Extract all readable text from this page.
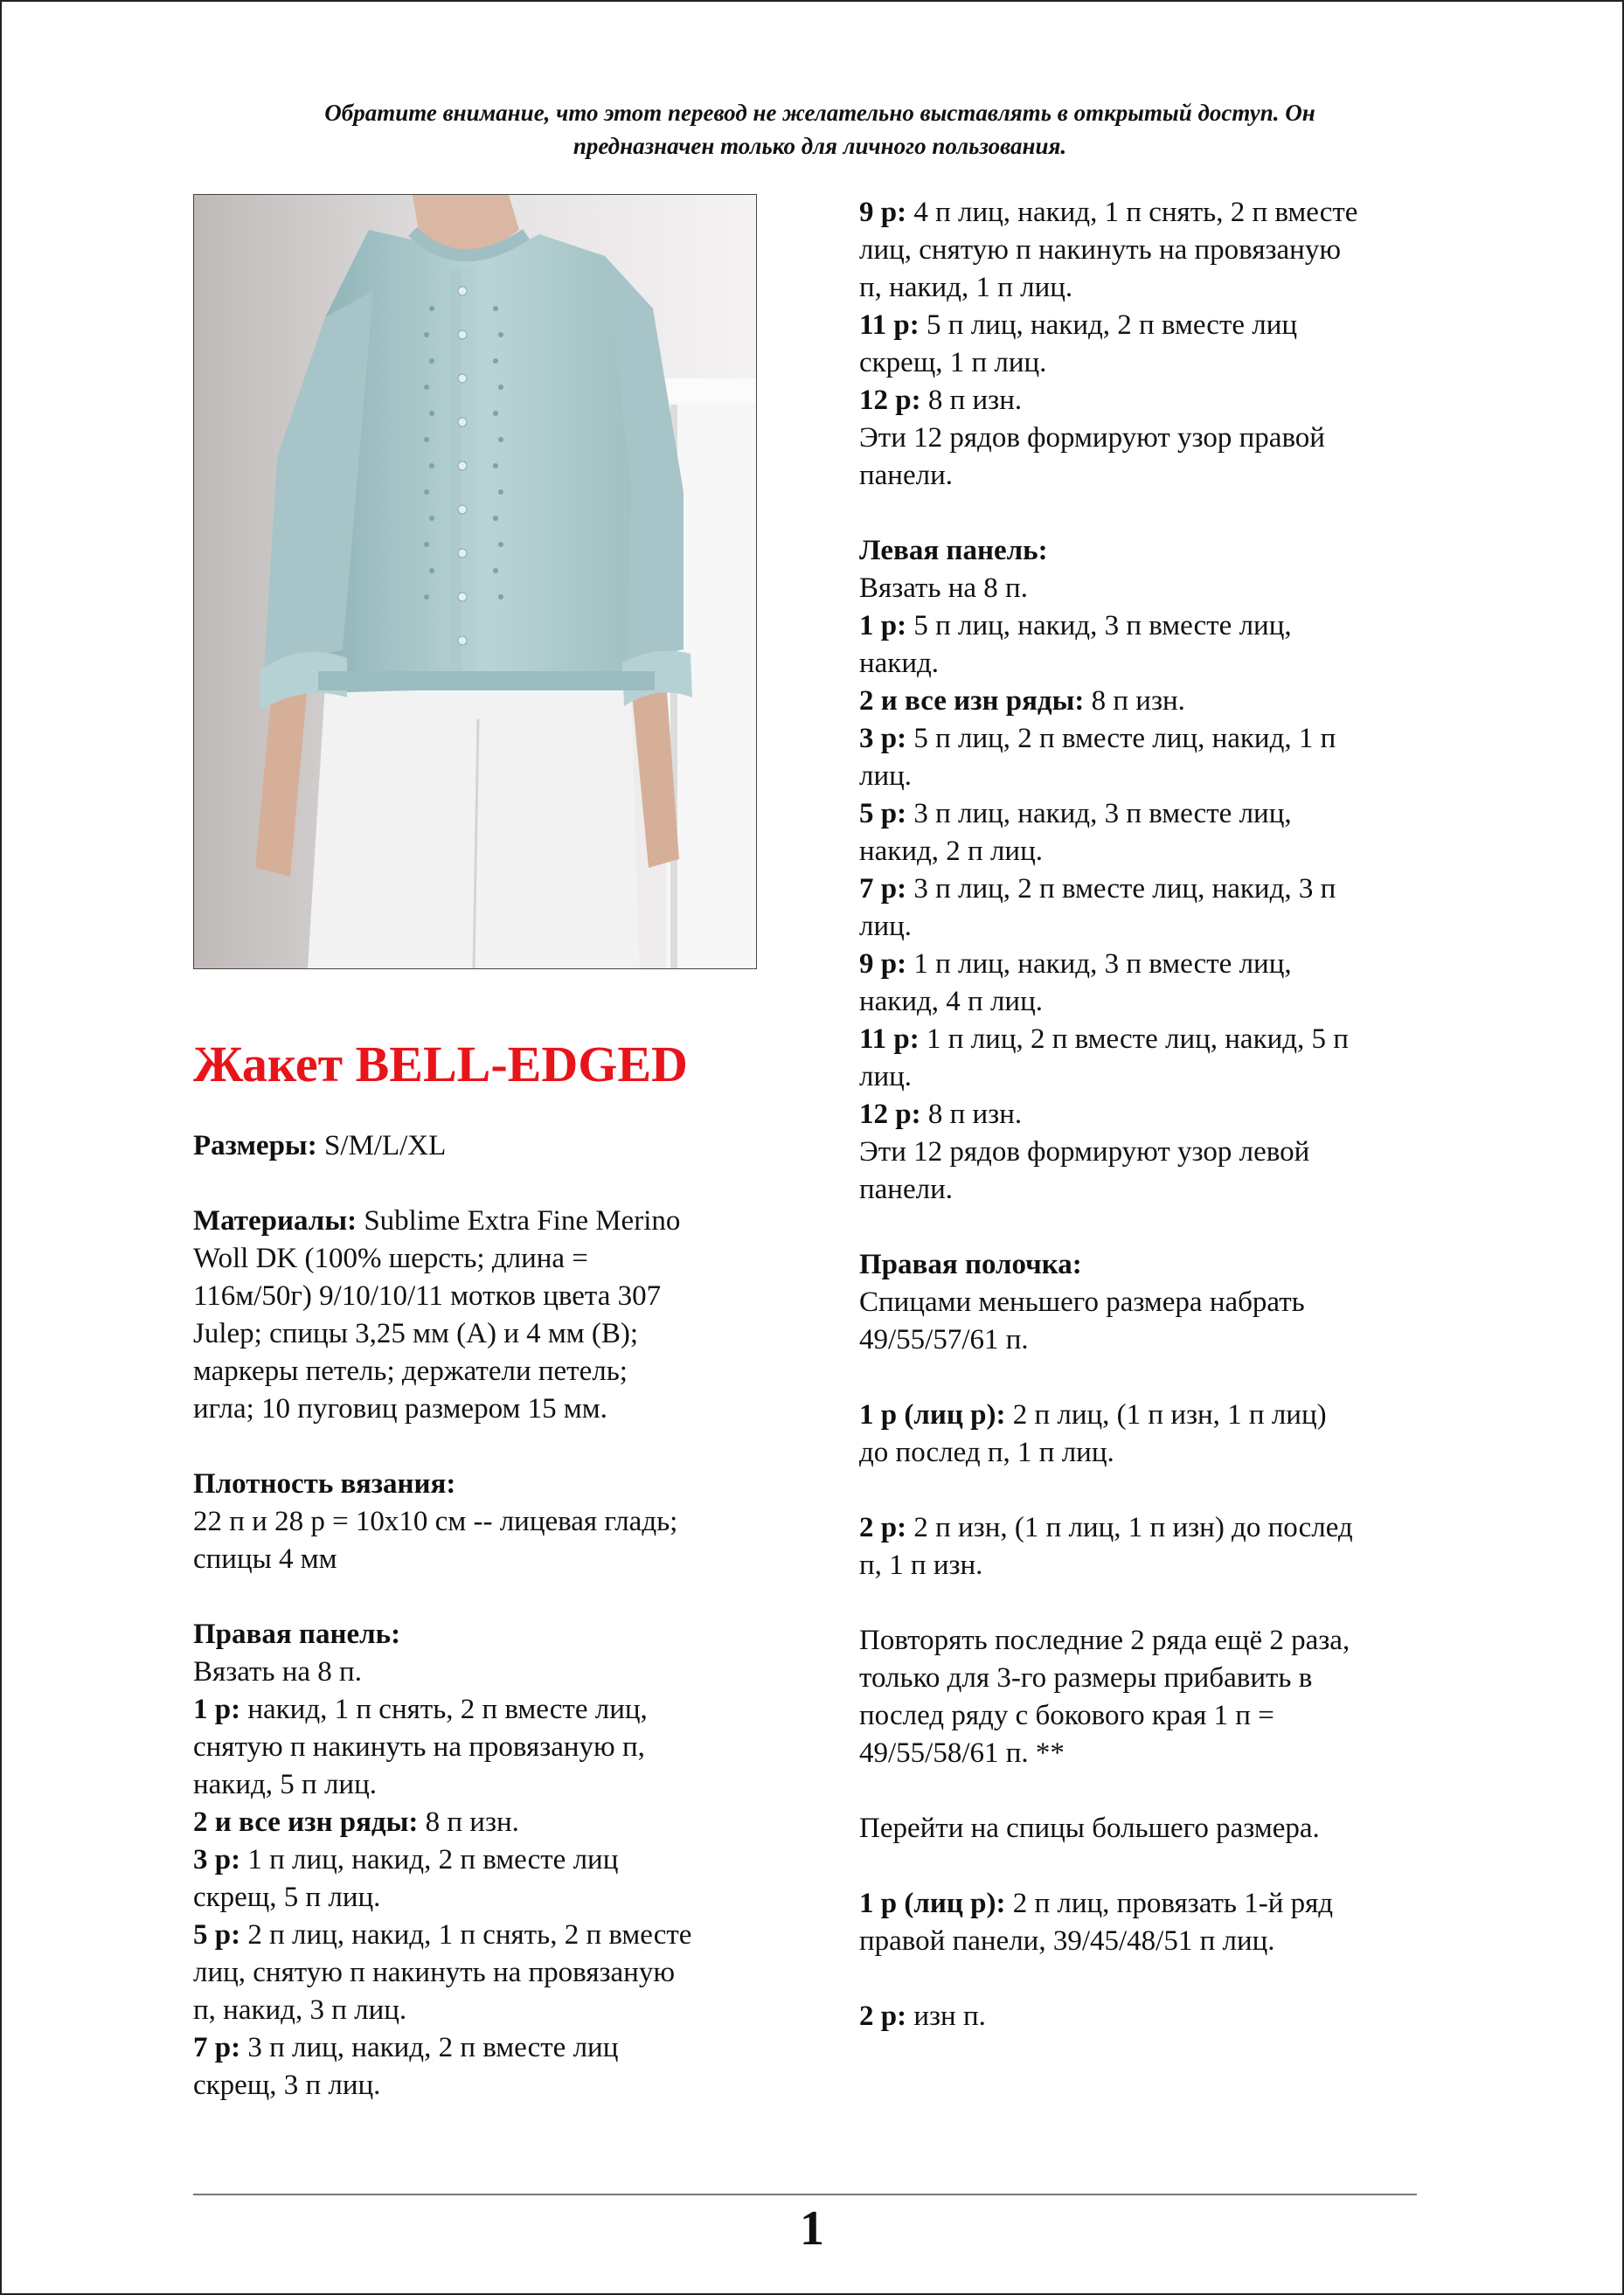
Обратите внимание, что этот перевод не желательно выставлять в открытый доступ. Он
предназначен только для личного пользования.
Жакет BELL-EDGED

Размеры: S/M/L/XL

Материалы: Sublime Extra Fine Merino

Woll DK (100% шерсть; длина =

116м/50г) 9/10/10/11 мотков цвета 307

Julep; спицы 3,25 мм (А) и 4 мм (В);

маркеры петель; держатели петель;

игла; 10 пуговиц размером 15 мм.

Плотность вязания:

22 п и 28 р = 10х10 см -- лицевая гладь;

спицы 4 мм

Правая панель:

Вязать на 8 п.

1 р: накид, 1 п снять, 2 п вместе лиц,

снятую п накинуть на провязаную п,

накид, 5 п лиц.

2 и все изн ряды: 8 п изн.

3 р: 1 п лиц, накид, 2 п вместе лиц

скрещ, 5 п лиц.

5 р: 2 п лиц, накид, 1 п снять, 2 п вместе

лиц, снятую п накинуть на провязаную

п, накид, 3 п лиц.

7 р: 3 п лиц, накид, 2 п вместе лиц

скрещ, 3 п лиц.

9 р: 4 п лиц, накид, 1 п снять, 2 п вместе

лиц, снятую п накинуть на провязаную

п, накид, 1 п лиц.

11 р: 5 п лиц, накид, 2 п вместе лиц

скрещ, 1 п лиц.

12 р: 8 п изн.

Эти 12 рядов формируют узор правой

панели.

Левая панель:

Вязать на 8 п.

1 р: 5 п лиц, накид, 3 п вместе лиц,

накид.

2 и все изн ряды: 8 п изн.

3 р: 5 п лиц, 2 п вместе лиц, накид, 1 п

лиц.

5 р: 3 п лиц, накид, 3 п вместе лиц,

накид, 2 п лиц.

7 р: 3 п лиц, 2 п вместе лиц, накид, 3 п

лиц.

9 р: 1 п лиц, накид, 3 п вместе лиц,

накид, 4 п лиц.

11 р: 1 п лиц, 2 п вместе лиц, накид, 5 п

лиц.

12 р: 8 п изн.

Эти 12 рядов формируют узор левой

панели.

Правая полочка:

Спицами меньшего размера набрать

49/55/57/61 п.

1 р (лиц р): 2 п лиц, (1 п изн, 1 п лиц)

до послед п, 1 п лиц.

2 р: 2 п изн, (1 п лиц, 1 п изн) до послед

п, 1 п изн.

Повторять последние 2 ряда ещё 2 раза,

только для 3-го размеры прибавить в

послед ряду с бокового края 1 п =

49/55/58/61 п. **

Перейти на спицы большего размера.

1 р (лиц р): 2 п лиц, провязать 1-й ряд

правой панели, 39/45/48/51 п лиц.

2 р: изн п.

1
